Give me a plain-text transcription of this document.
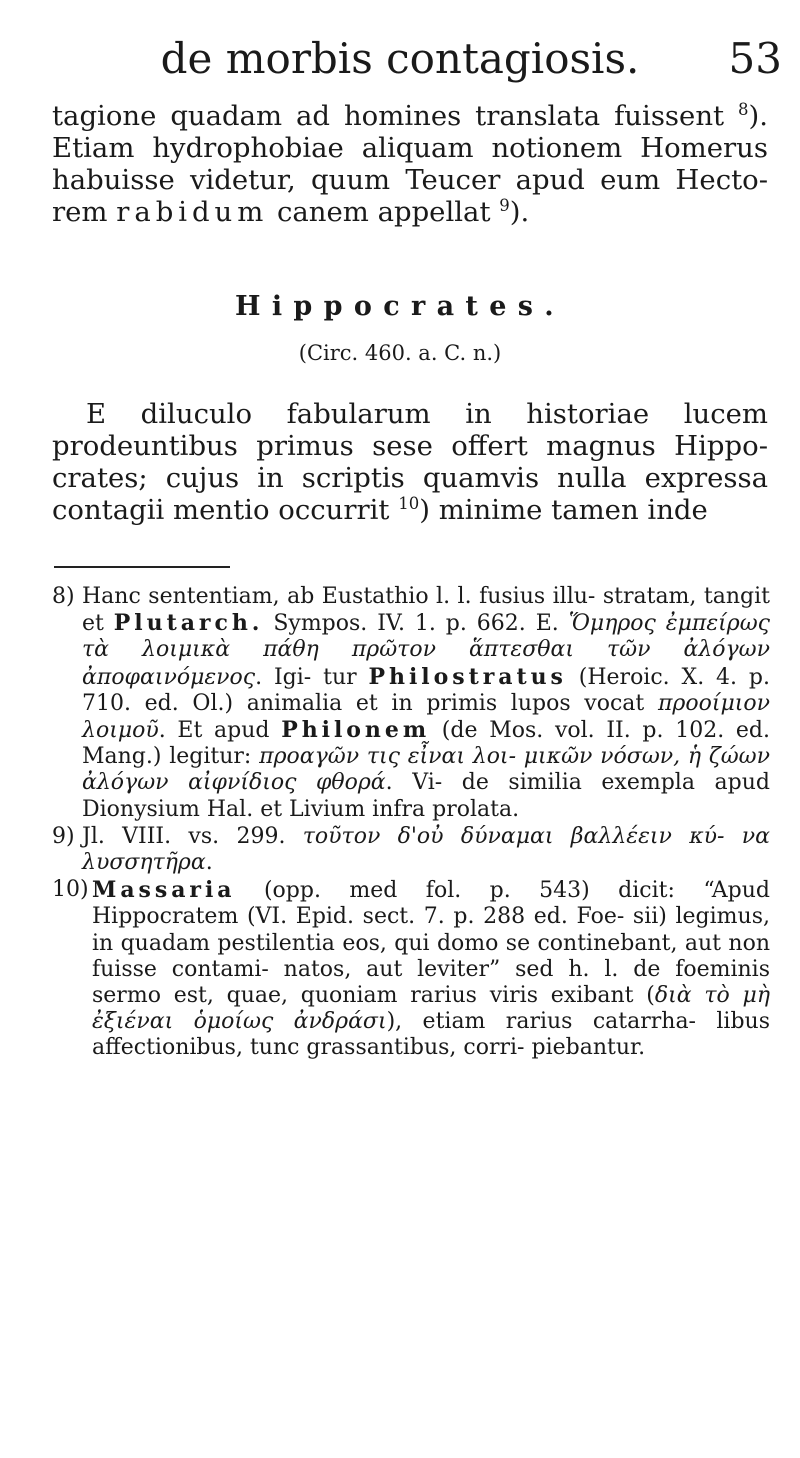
de morbis contagiosis.	53

tagione quadam ad homines translata fuissent $^8$). Etiam hydrophobiae aliquam notionem Homerus habuisse videtur, quum Teucer apud eum Hecto- rem rabidum canem appellat $^9$).

Hippocrates.
(Circ. 460. a. C. n.)
E diluculo fabularum in historiae lucem prodeuntibus primus sese offert magnus Hippo- crates; cujus in scriptis quamvis nulla expressa contagii mentio occurrit $^{10}$) minime tamen inde

8) Hanc sententiam, ab Eustathio l. l. fusius illu- stratam, tangit et Plutarch. Sympos. IV. 1. p. 662. E. Ὅμηρος ἐμπείρως τὰ λοιμικὰ πάθη πρῶτον ἅπτεσθαι τῶν ἀλόγων ἀποφαινόμενος. Igi- tur Philostratus (Heroic. X. 4. p. 710. ed. Ol.) animalia et in primis lupos vocat προοίμιον λοιμοῦ. Et apud Philonem (de Mos. vol. II. p. 102. ed. Mang.) legitur: προαγῶν τις εἶναι λοι- μικῶν νόσων, ἡ ζώων ἀλόγων αἰφνίδιος φθορά. Vi- de similia exempla apud Dionysium Hal. et Livium infra prolata.

9) Jl. VIII. vs. 299. τοῦτον δ'οὐ δύναμαι βαλλέειν κύ- να λυσσητῆρα.

10) Massaria (opp. med fol. p. 543) dicit: “Apud Hippocratem (VI. Epid. sect. 7. p. 288 ed. Foe- sii) legimus, in quadam pestilentia eos, qui domo se continebant, aut non fuisse contami- natos, aut leviter” sed h. l. de foeminis sermo est, quae, quoniam rarius viris exibant (διὰ τὸ μὴ ἐξιέναι ὁμοίως ἀνδράσι), etiam rarius catarrha- libus affectionibus, tunc grassantibus, corri- piebantur.
